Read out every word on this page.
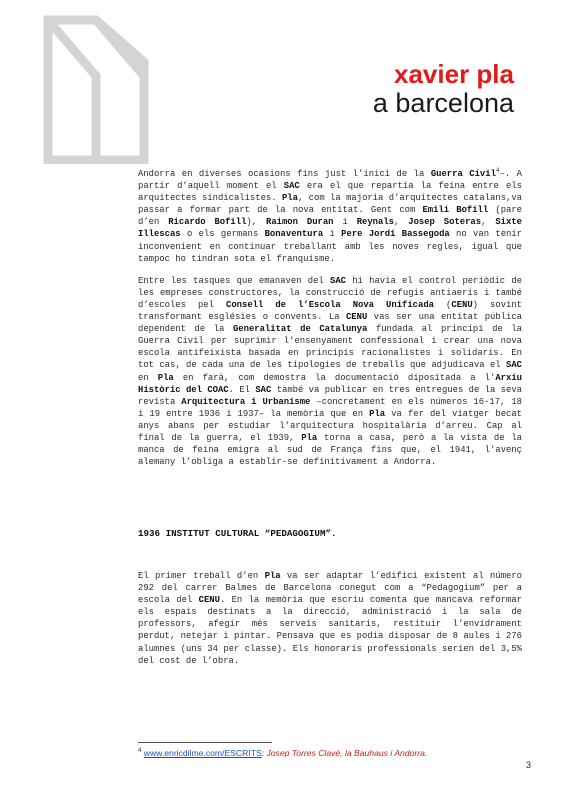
xavier pla
a barcelona

Andorra en diverses ocasions fins just l’inici de la Guerra Civil$^4$–. A partir d’aquell moment el SAC era el que repartia la feina entre els arquitectes sindicalistes. Pla, com la majoria d’arquitectes catalans,va passar a formar part de la nova entitat. Gent com Emili Bofill (pare d’en Ricardo Bofill), Raimon Duran i Reynals, Josep Soteras, Sixte Illescas o els germans Bonaventura i Pere Jordi Bassegoda no van tenir inconvenient en continuar treballant amb les noves regles, igual que tampoc ho tindran sota el franquisme.

Entre les tasques que emanaven del SAC hi havia el control periòdic de les empreses constructores, la construcció de refugis antiaeris i també d’escoles pel Consell de l’Escola Nova Unificada (CENU) sovint transformant esglésies o convents. La CENU vas ser una entitat pública dependent de la Generalitat de Catalunya fundada al principi de la Guerra Civil per suprimir l’ensenyament confessional i crear una nova escola antifeixista basada en principis racionalistes i solidaris. En tot cas, de cada una de les tipologies de treballs que adjudicava el SAC en Pla en farà, com demostra la documentació dipositada a l’Arxiu Històric del COAC. El SAC també va publicar en tres entregues de la seva revista Arquitectura i Urbanisme –concretament en els números 16-17, 18 i 19 entre 1936 i 1937– la memòria que en Pla va fer del viatger becat anys abans per estudiar l’arquitectura hospitalària d’arreu. Cap al final de la guerra, el 1939, Pla torna a casa, però a la vista de la manca de feina emigra al sud de França fins que, el 1941, l’avenç alemany l’obliga a establir-se definitivament a Andorra.

1936 INSTITUT CULTURAL “PEDAGOGIUM”.

El primer treball d’en Pla va ser adaptar l’edifici existent al número 292 del carrer Balmes de Barcelona conegut com a “Pedagogium” per a escola del CENU. En la memòria que escriu comenta que mancava reformar els espais destinats a la direcció, administració i la sala de professors, afegir més serveis sanitaris, restituir l’envidrament perdut, netejar i pintar. Pensava que es podia disposar de 8 aules i 276 alumnes (uns 34 per classe). Els honoraris professionals serien del 3,5% del cost de l’obra.

$^4$ www.enricdilme.com/ESCRITS: Josep Torres Clavé, la Bauhaus i Andorra.
3
